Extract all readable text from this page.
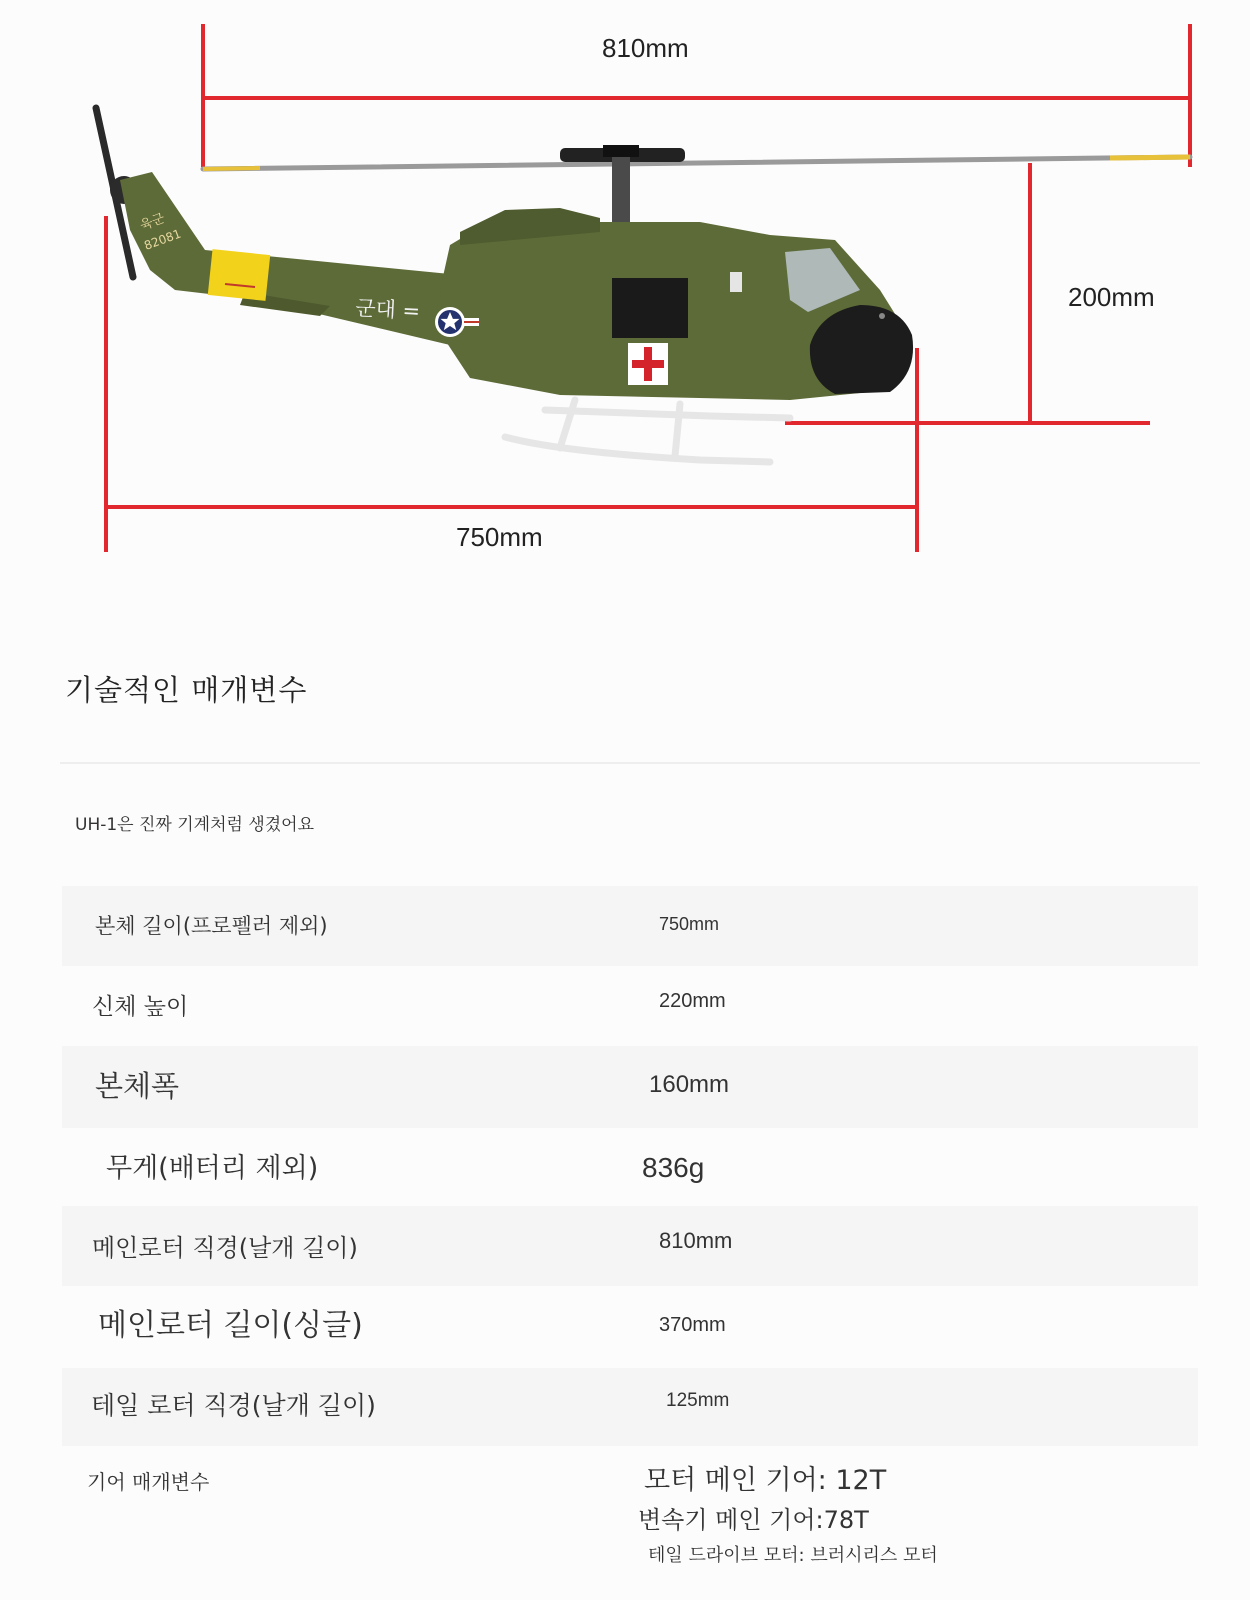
육군
82081
군대 =
810mm
200mm
750mm
기술적인 매개변수
UH-1은 진짜 기계처럼 생겼어요
본체 길이(프로펠러 제외)	750mm
신체 높이	220mm
본체폭	160mm
무게(배터리 제외)	836g
메인로터 직경(날개 길이)	810mm
메인로터 길이(싱글)	370mm
테일 로터 직경(날개 길이)	125mm
기어 매개변수	모터 메인 기어: 12T
변속기 메인 기어:78T
테일 드라이브 모터: 브러시리스 모터
